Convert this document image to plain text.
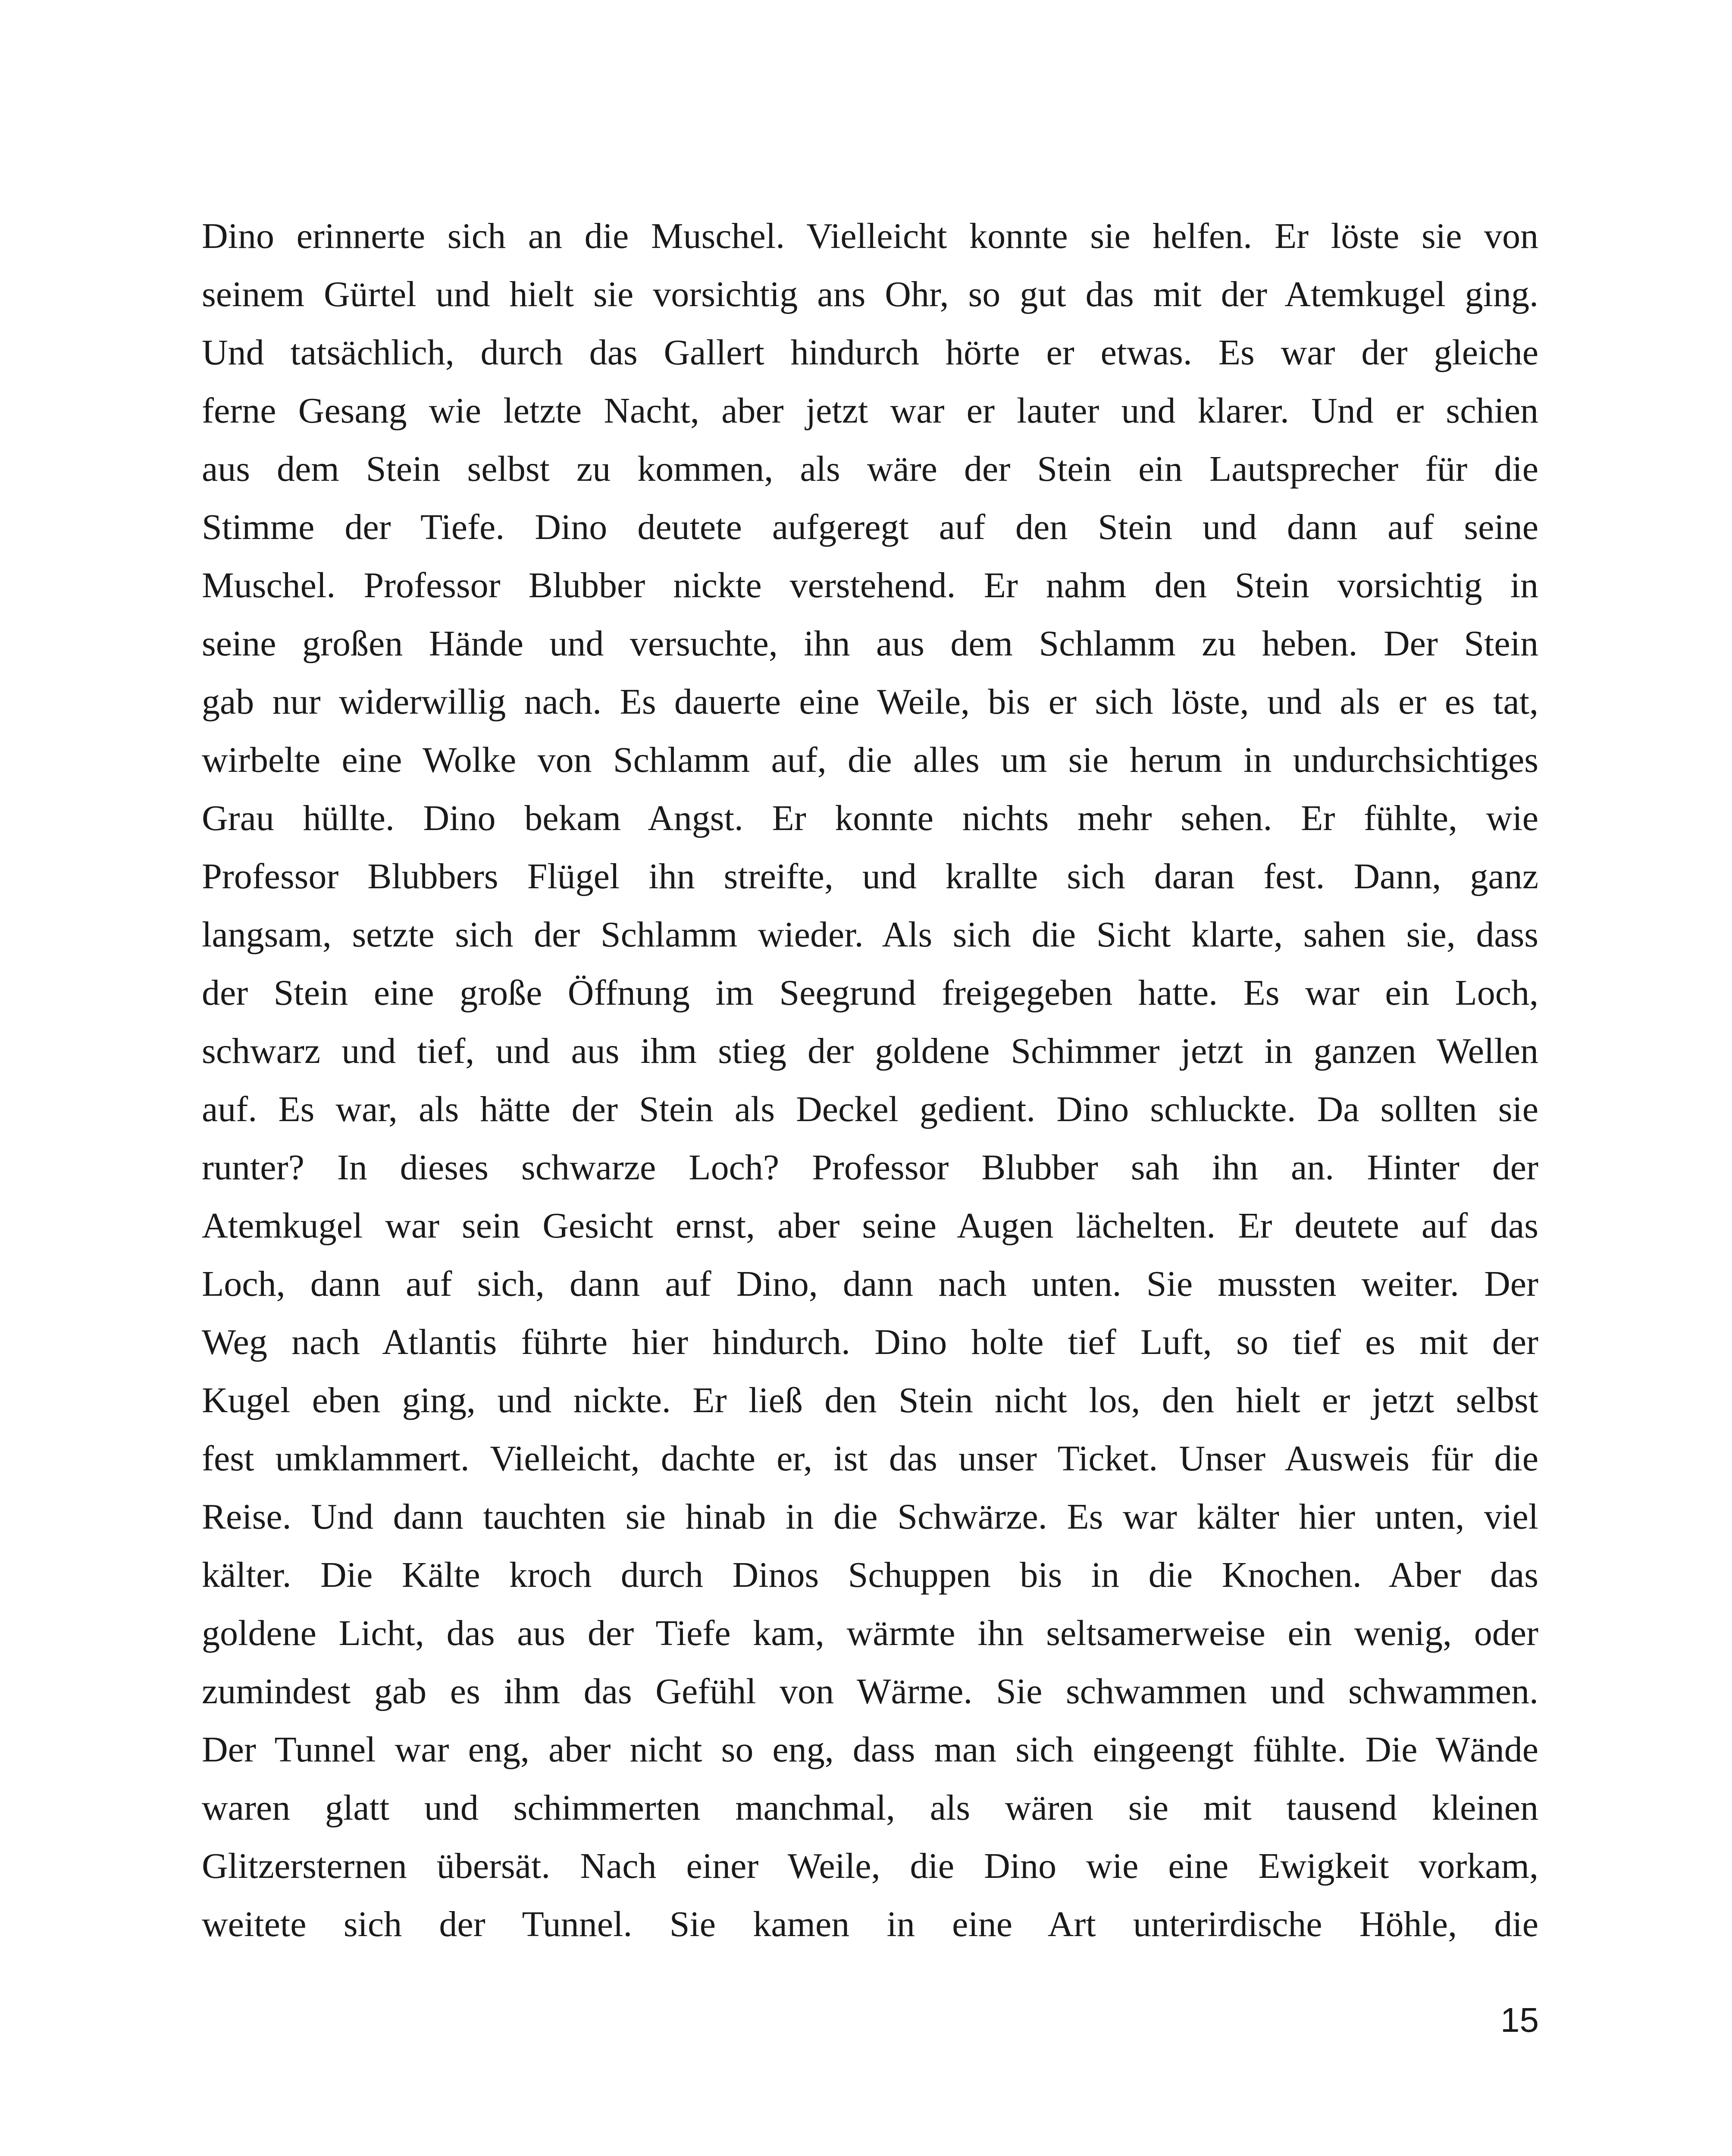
Dino erinnerte sich an die Muschel. Vielleicht konnte sie helfen. Er löste sie von
seinem Gürtel und hielt sie vorsichtig ans Ohr, so gut das mit der Atemkugel ging.
Und tatsächlich, durch das Gallert hindurch hörte er etwas. Es war der gleiche
ferne Gesang wie letzte Nacht, aber jetzt war er lauter und klarer. Und er schien
aus dem Stein selbst zu kommen, als wäre der Stein ein Lautsprecher für die
Stimme der Tiefe. Dino deutete aufgeregt auf den Stein und dann auf seine
Muschel. Professor Blubber nickte verstehend. Er nahm den Stein vorsichtig in
seine großen Hände und versuchte, ihn aus dem Schlamm zu heben. Der Stein
gab nur widerwillig nach. Es dauerte eine Weile, bis er sich löste, und als er es tat,
wirbelte eine Wolke von Schlamm auf, die alles um sie herum in undurchsichtiges
Grau hüllte. Dino bekam Angst. Er konnte nichts mehr sehen. Er fühlte, wie
Professor Blubbers Flügel ihn streifte, und krallte sich daran fest. Dann, ganz
langsam, setzte sich der Schlamm wieder. Als sich die Sicht klarte, sahen sie, dass
der Stein eine große Öffnung im Seegrund freigegeben hatte. Es war ein Loch,
schwarz und tief, und aus ihm stieg der goldene Schimmer jetzt in ganzen Wellen
auf. Es war, als hätte der Stein als Deckel gedient. Dino schluckte. Da sollten sie
runter? In dieses schwarze Loch? Professor Blubber sah ihn an. Hinter der
Atemkugel war sein Gesicht ernst, aber seine Augen lächelten. Er deutete auf das
Loch, dann auf sich, dann auf Dino, dann nach unten. Sie mussten weiter. Der
Weg nach Atlantis führte hier hindurch. Dino holte tief Luft, so tief es mit der
Kugel eben ging, und nickte. Er ließ den Stein nicht los, den hielt er jetzt selbst
fest umklammert. Vielleicht, dachte er, ist das unser Ticket. Unser Ausweis für die
Reise. Und dann tauchten sie hinab in die Schwärze. Es war kälter hier unten, viel
kälter. Die Kälte kroch durch Dinos Schuppen bis in die Knochen. Aber das
goldene Licht, das aus der Tiefe kam, wärmte ihn seltsamerweise ein wenig, oder
zumindest gab es ihm das Gefühl von Wärme. Sie schwammen und schwammen.
Der Tunnel war eng, aber nicht so eng, dass man sich eingeengt fühlte. Die Wände
waren glatt und schimmerten manchmal, als wären sie mit tausend kleinen
Glitzersternen übersät. Nach einer Weile, die Dino wie eine Ewigkeit vorkam,
weitete sich der Tunnel. Sie kamen in eine Art unterirdische Höhle, die
15
